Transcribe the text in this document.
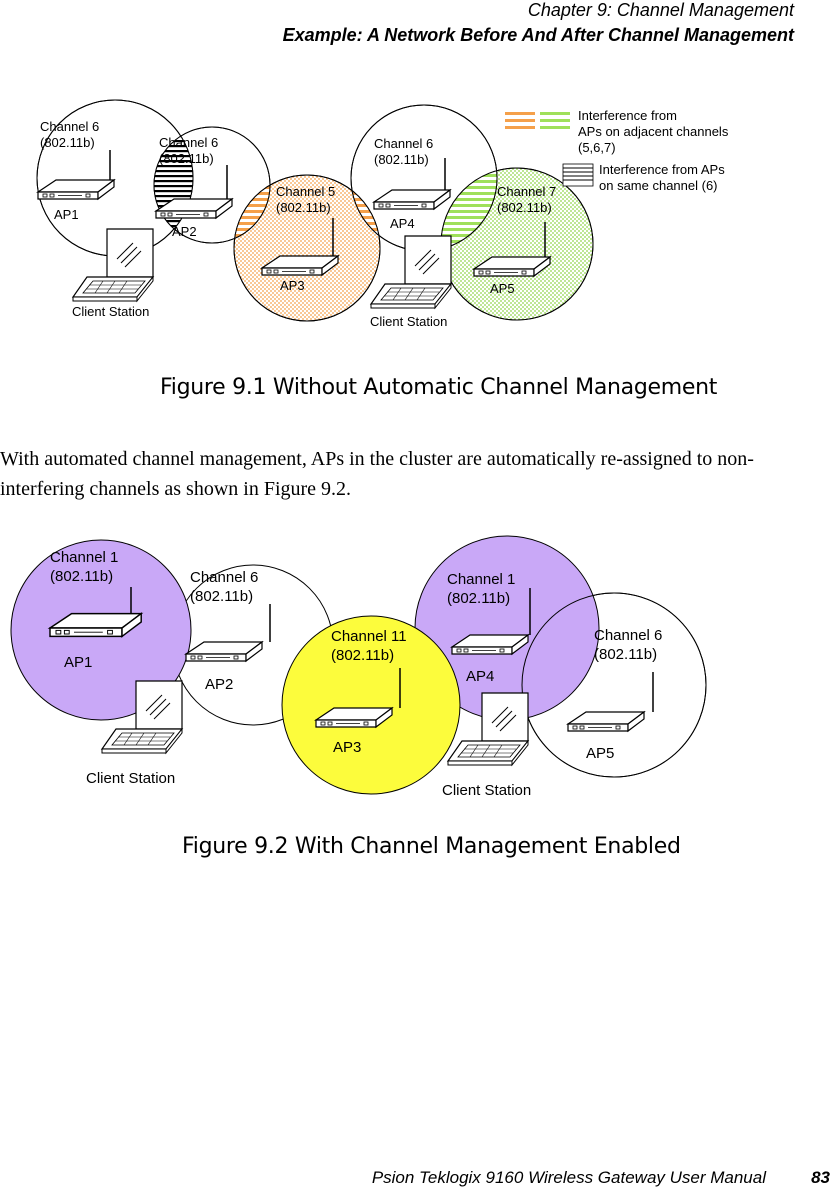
Chapter 9: Channel Management
Example: A Network Before And After Channel Management
Channel 6
(802.11b)
AP1
Channel 6
(802.11b)
AP2
Channel 5
(802.11b)
AP3
Channel 6
(802.11b)
AP4
Channel 7
(802.11b)
AP5
Client Station
Client Station
Interference from
APs on adjacent channels
(5,6,7)
Interference from APs
on same channel (6)
Figure 9.1 Without Automatic Channel Management

With automated channel management, APs in the cluster are automatically re-assigned to non-interfering channels as shown in Figure 9.2.

Channel 1
(802.11b)
AP1
Channel 6
(802.11b)
AP2
Channel 11
(802.11b)
AP3
Channel 1
(802.11b)
AP4
Channel 6
(802.11b)
AP5
Client Station
Client Station
Figure 9.2 With Channel Management Enabled
Psion Teklogix 9160 Wireless Gateway User Manual	83
